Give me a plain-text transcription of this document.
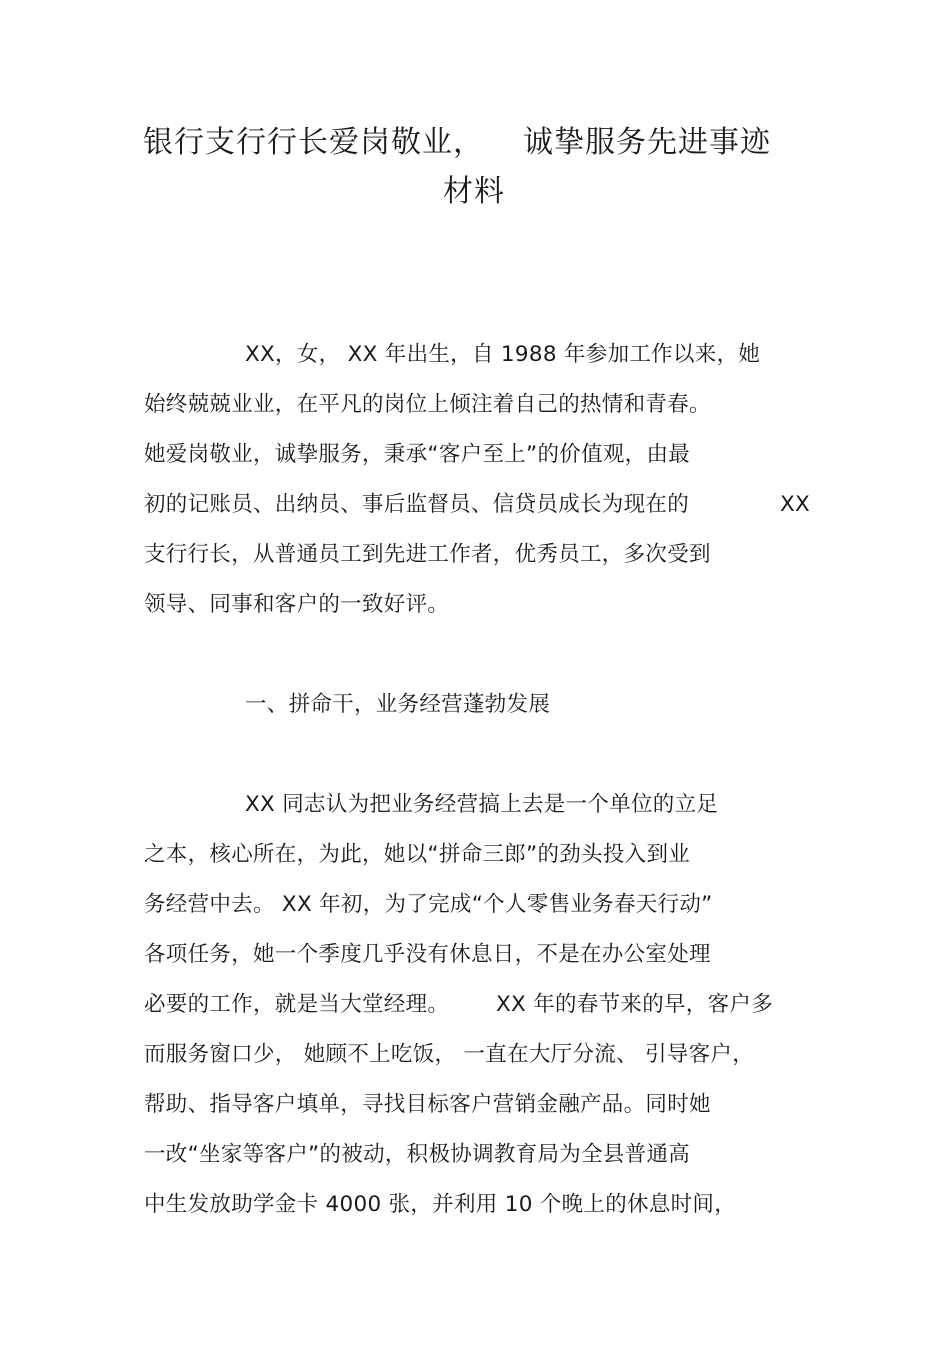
银行支行行长爱岗敬业， 诚挚服务先进事迹
材料
XX，女， XX 年出生，自 1988 年参加工作以来，她
始终兢兢业业，在平凡的岗位上倾注着自己的热情和青春。
她爱岗敬业，诚挚服务，秉承“客户至上”的价值观，由最
初的记账员、出纳员、事后监督员、信贷员成长为现在的	XX
支行行长，从普通员工到先进工作者，优秀员工，多次受到
领导、同事和客户的一致好评。
一、拼命干，业务经营蓬勃发展
XX 同志认为把业务经营搞上去是一个单位的立足
之本，核心所在，为此，她以“拼命三郎”的劲头投入到业
务经营中去。 XX 年初，为了完成“个人零售业务春天行动”
各项任务，她一个季度几乎没有休息日，不是在办公室处理
必要的工作，就是当大堂经理。 XX 年的春节来的早，客户多
而服务窗口少， 她顾不上吃饭， 一直在大厅分流、 引导客户，
帮助、指导客户填单，寻找目标客户营销金融产品。同时她
一改“坐家等客户”的被动，积极协调教育局为全县普通高
中生发放助学金卡 4000 张，并利用 10 个晚上的休息时间，
